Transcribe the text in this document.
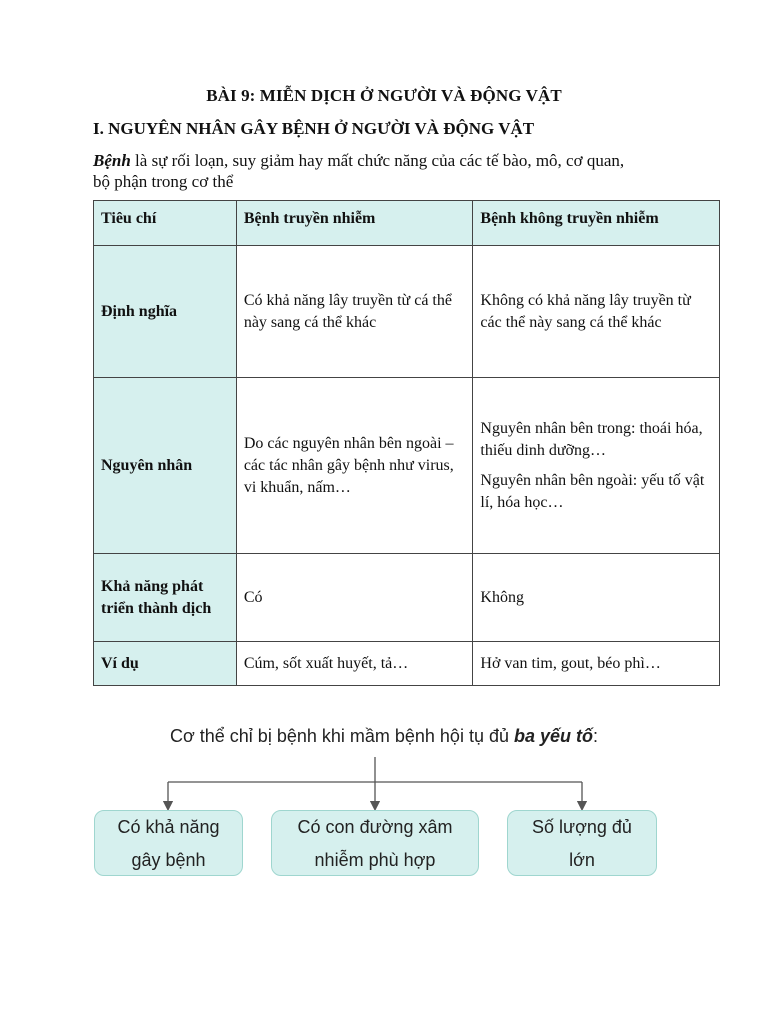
BÀI 9: MIỄN DỊCH Ở NGƯỜI VÀ ĐỘNG VẬT
I. NGUYÊN NHÂN GÂY BỆNH Ở NGƯỜI VÀ ĐỘNG VẬT
Bệnh là sự rối loạn, suy giảm hay mất chức năng của các tế bào, mô, cơ quan,
bộ phận trong cơ thể
Tiêu chí	Bệnh truyền nhiễm	Bệnh không truyền nhiễm
Định nghĩa	Có khả năng lây truyền từ cá thể này sang cá thể khác	Không có khả năng lây truyền từ các thể này sang cá thể khác
Nguyên nhân	Do các nguyên nhân bên ngoài – các tác nhân gây bệnh như virus, vi khuẩn, nấm…	Nguyên nhân bên trong: thoái hóa, thiếu dinh dưỡng…

Nguyên nhân bên ngoài: yếu tố vật lí, hóa học…

Khả năng phát triển thành dịch	Có	Không
Ví dụ	Cúm, sốt xuất huyết, tả…	Hở van tim, gout, béo phì…
Cơ thể chỉ bị bệnh khi mầm bệnh hội tụ đủ ba yếu tố:
Có khả năng
gây bệnh
Có con đường xâm
nhiễm phù hợp
Số lượng đủ
lớn
